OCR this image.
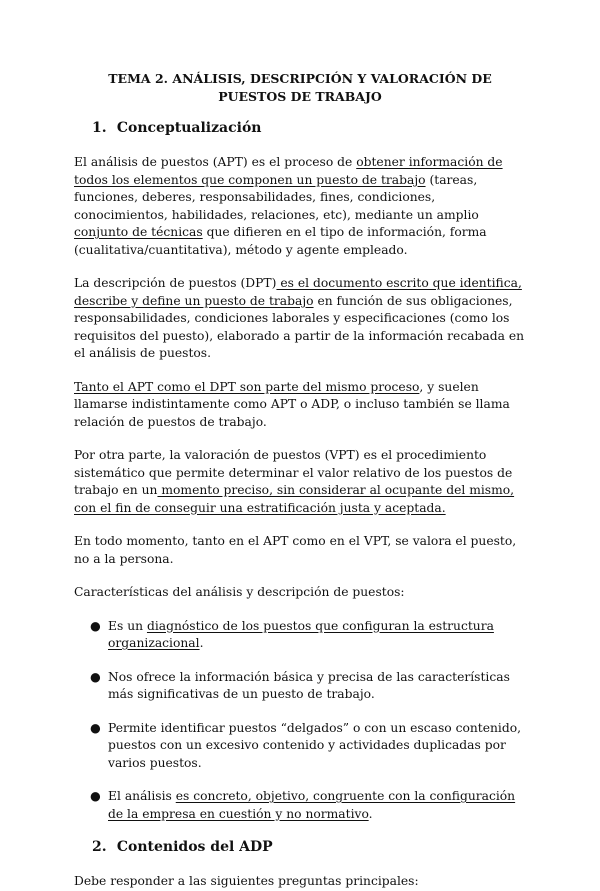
TEMA 2. ANÁLISIS, DESCRIPCIÓN Y VALORACIÓN DE PUESTOS DE TRABAJO
1. Conceptualización

El análisis de puestos (APT) es el proceso de obtener información de todos los elementos que componen un puesto de trabajo (tareas, funciones, deberes, responsabilidades, fines, condiciones, conocimientos, habilidades, relaciones, etc), mediante un amplio conjunto de técnicas que difieren en el tipo de información, forma (cualitativa/cuantitativa), método y agente empleado.

La descripción de puestos (DPT) es el documento escrito que identifica, describe y define un puesto de trabajo en función de sus obligaciones, responsabilidades, condiciones laborales y especificaciones (como los requisitos del puesto), elaborado a partir de la información recabada en el análisis de puestos.

Tanto el APT como el DPT son parte del mismo proceso, y suelen llamarse indistintamente como APT o ADP, o incluso también se llama relación de puestos de trabajo.

Por otra parte, la valoración de puestos (VPT) es el procedimiento sistemático que permite determinar el valor relativo de los puestos de trabajo en un momento preciso, sin considerar al ocupante del mismo, con el fin de conseguir una estratificación justa y aceptada.

En todo momento, tanto en el APT como en el VPT, se valora el puesto, no a la persona.

Características del análisis y descripción de puestos:

● Es un diagnóstico de los puestos que configuran la estructura organizacional.
● Nos ofrece la información básica y precisa de las características más significativas de un puesto de trabajo.
● Permite identificar puestos “delgados” o con un escaso contenido, puestos con un excesivo contenido y actividades duplicadas por varios puestos.
● El análisis es concreto, objetivo, congruente con la configuración de la empresa en cuestión y no normativo.
2. Contenidos del ADP

Debe responder a las siguientes preguntas principales:
